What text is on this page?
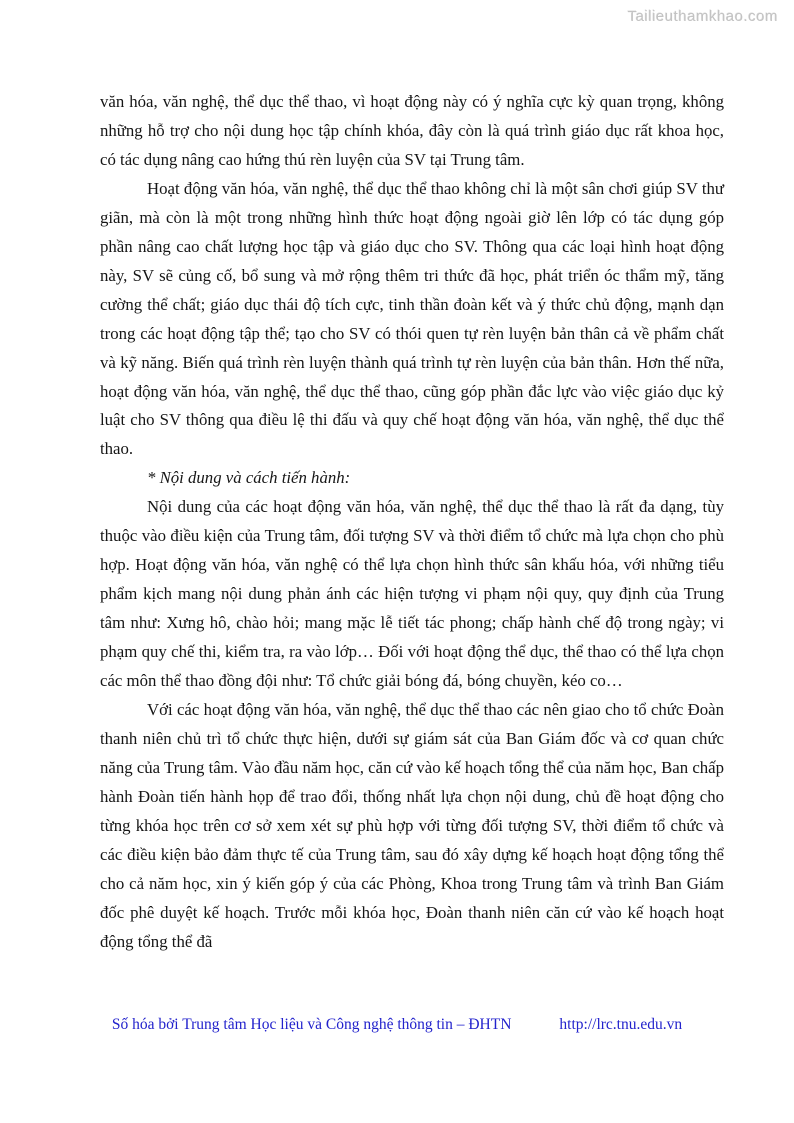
Tailieuthamkhao.com

văn hóa, văn nghệ, thể dục thể thao, vì hoạt động này có ý nghĩa cực kỳ quan trọng, không những hỗ trợ cho nội dung học tập chính khóa, đây còn là quá trình giáo dục rất khoa học, có tác dụng nâng cao hứng thú rèn luyện của SV tại Trung tâm.

Hoạt động văn hóa, văn nghệ, thể dục thể thao không chỉ là một sân chơi giúp SV thư giãn, mà còn là một trong những hình thức hoạt động ngoài giờ lên lớp có tác dụng góp phần nâng cao chất lượng học tập và giáo dục cho SV. Thông qua các loại hình hoạt động này, SV sẽ củng cố, bổ sung và mở rộng thêm tri thức đã học, phát triển óc thẩm mỹ, tăng cường thể chất; giáo dục thái độ tích cực, tinh thần đoàn kết và ý thức chủ động, mạnh dạn trong các hoạt động tập thể; tạo cho SV có thói quen tự rèn luyện bản thân cả về phẩm chất và kỹ năng. Biến quá trình rèn luyện thành quá trình tự rèn luyện của bản thân. Hơn thế nữa, hoạt động văn hóa, văn nghệ, thể dục thể thao, cũng góp phần đắc lực vào việc giáo dục kỷ luật cho SV thông qua điều lệ thi đấu và quy chế hoạt động văn hóa, văn nghệ, thể dục thể thao.

* Nội dung và cách tiến hành:

Nội dung của các hoạt động văn hóa, văn nghệ, thể dục thể thao là rất đa dạng, tùy thuộc vào điều kiện của Trung tâm, đối tượng SV và thời điểm tổ chức mà lựa chọn cho phù hợp. Hoạt động văn hóa, văn nghệ có thể lựa chọn hình thức sân khấu hóa, với những tiểu phẩm kịch mang nội dung phản ánh các hiện tượng vi phạm nội quy, quy định của Trung tâm như: Xưng hô, chào hỏi; mang mặc lễ tiết tác phong; chấp hành chế độ trong ngày; vi phạm quy chế thi, kiểm tra, ra vào lớp… Đối với hoạt động thể dục, thể thao có thể lựa chọn các môn thể thao đồng đội như: Tổ chức giải bóng đá, bóng chuyền, kéo co…

Với các hoạt động văn hóa, văn nghệ, thể dục thể thao các nên giao cho tổ chức Đoàn thanh niên chủ trì tổ chức thực hiện, dưới sự giám sát của Ban Giám đốc và cơ quan chức năng của Trung tâm. Vào đầu năm học, căn cứ vào kế hoạch tổng thể của năm học, Ban chấp hành Đoàn tiến hành họp để trao đổi, thống nhất lựa chọn nội dung, chủ đề hoạt động cho từng khóa học trên cơ sở xem xét sự phù hợp với từng đối tượng SV, thời điểm tổ chức và các điều kiện bảo đảm thực tế của Trung tâm, sau đó xây dựng kế hoạch hoạt động tổng thể cho cả năm học, xin ý kiến góp ý của các Phòng, Khoa trong Trung tâm và trình Ban Giám đốc phê duyệt kế hoạch. Trước mỗi khóa học, Đoàn thanh niên căn cứ vào kế hoạch hoạt động tổng thể đã

Số hóa bởi Trung tâm Học liệu và Công nghệ thông tin – ĐHTN	http://lrc.tnu.edu.vn
